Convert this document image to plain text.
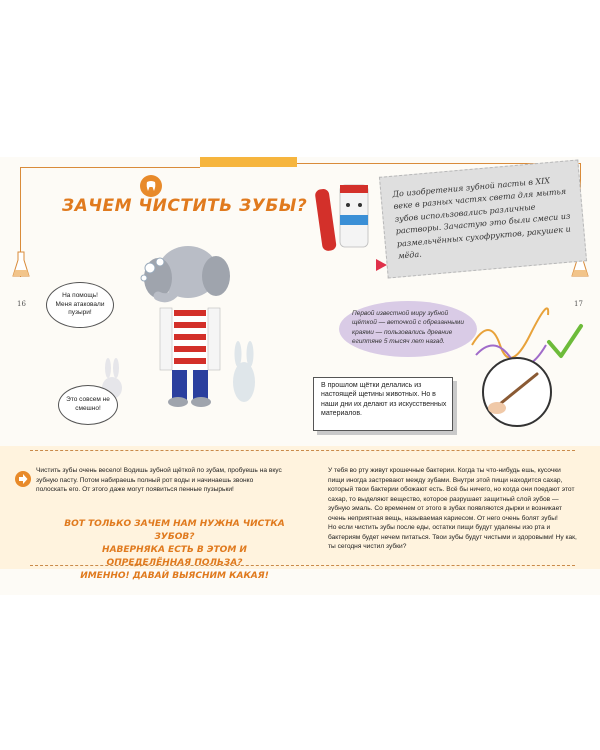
16	17
ЗАЧЕМ ЧИСТИТЬ ЗУБЫ?
На помощь! Меня атаковали пузыри!
Это совсем не смешно!
До изобретения зубной пасты в XIX веке в разных частях света для мытья зубов использовались различные растворы. Зачастую это были смеси из размельчённых сухофруктов, ракушек и мёда.
Первой известной миру зубной щёткой — веточкой с обрезанными краями — пользовались древние египтяне 5 тысяч лет назад.
В прошлом щётки делались из настоящей щетины животных. Но в наши дни их делают из искусственных материалов.
Чистить зубы очень весело! Водишь зубной щёткой по зубам, пробуешь на вкус зубную пасту. Потом набираешь полный рот воды и начинаешь звонко полоскать его. От этого даже могут появиться пенные пузырьки!
ВОТ ТОЛЬКО ЗАЧЕМ НАМ НУЖНА ЧИСТКА ЗУБОВ?
НАВЕРНЯКА ЕСТЬ В ЭТОМ И ОПРЕДЕЛЁННАЯ ПОЛЬЗА?
ИМЕННО! ДАВАЙ ВЫЯСНИМ КАКАЯ!
У тебя во рту живут крошечные бактерии. Когда ты что-нибудь ешь, кусочки пищи иногда застревают между зубами. Внутри этой пищи находится сахар, который твои бактерии обожают есть. Всё бы ничего, но когда они поедают этот сахар, то выделяют вещество, которое разрушает защитный слой зубов — зубную эмаль. Со временем от этого в зубах появляются дырки и возникает очень неприятная вещь, называемая кариесом. От него очень болят зубы!
Но если чистить зубы после еды, остатки пищи будут удалены изо рта и бактериям будет нечем питаться. Твои зубы будут чистыми и здоровыми! Ну как, ты сегодня чистил зубки?
